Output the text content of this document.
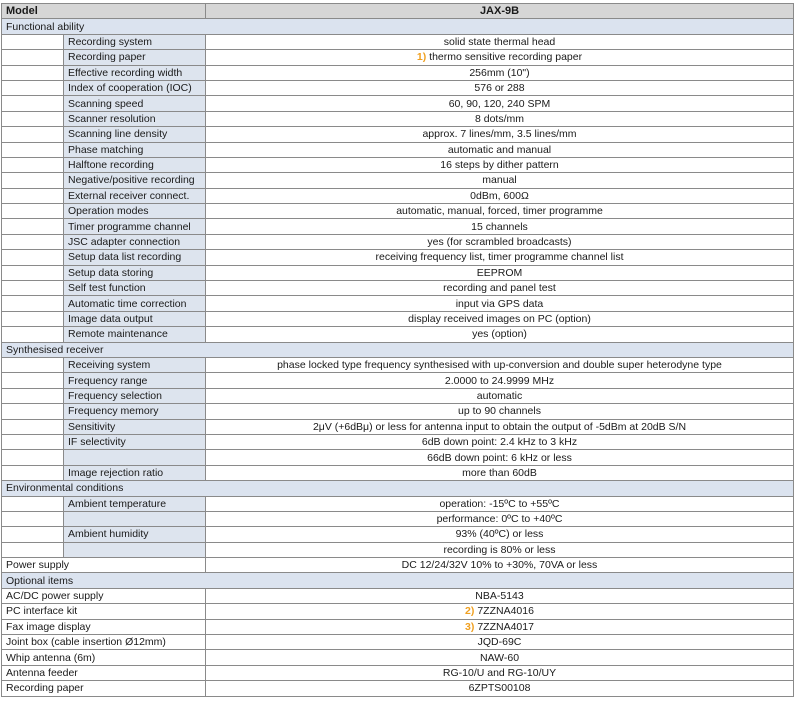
Model		JAX-9B
Functional ability		
	Recording system	solid state thermal head
	Recording paper	1) thermo sensitive recording paper
	Effective recording width	256mm (10")
	Index of cooperation (IOC)	576 or 288
	Scanning speed	60, 90, 120, 240 SPM
	Scanner resolution	8 dots/mm
	Scanning line density	approx. 7 lines/mm, 3.5 lines/mm
	Phase matching	automatic and manual
	Halftone recording	16 steps by dither pattern
	Negative/positive recording	manual
	External receiver connect.	0dBm, 600Ω
	Operation modes	automatic, manual, forced, timer programme
	Timer programme channel	15 channels
	JSC adapter connection	yes (for scrambled broadcasts)
	Setup data list recording	receiving frequency list, timer programme channel list
	Setup data storing	EEPROM
	Self test function	recording and panel test
	Automatic time correction	input via GPS data
	Image data output	display received images on PC (option)
	Remote maintenance	yes (option)
Synthesised receiver		
	Receiving system	phase locked type frequency synthesised with up-conversion and double super heterodyne type
	Frequency range	2.0000 to 24.9999 MHz
	Frequency selection	automatic
	Frequency memory	up to 90 channels
	Sensitivity	2μV (+6dBμ) or less for antenna input to obtain the output of -5dBm at 20dB S/N
	IF selectivity	6dB down point: 2.4 kHz to 3 kHz
		66dB down point: 6 kHz or less
	Image rejection ratio	more than 60dB
Environmental conditions		
	Ambient temperature	operation: -15ºC to +55ºC
		performance: 0ºC to +40ºC
	Ambient humidity	93% (40ºC) or less
		recording is 80% or less
Power supply		DC 12/24/32V 10% to +30%, 70VA or less
Optional items		
AC/DC power supply		NBA-5143
PC interface kit		2) 7ZZNA4016
Fax image display		3) 7ZZNA4017
Joint box (cable insertion Ø12mm)		JQD-69C
Whip antenna (6m)		NAW-60
Antenna feeder		RG-10/U and RG-10/UY
Recording paper		6ZPTS00108
